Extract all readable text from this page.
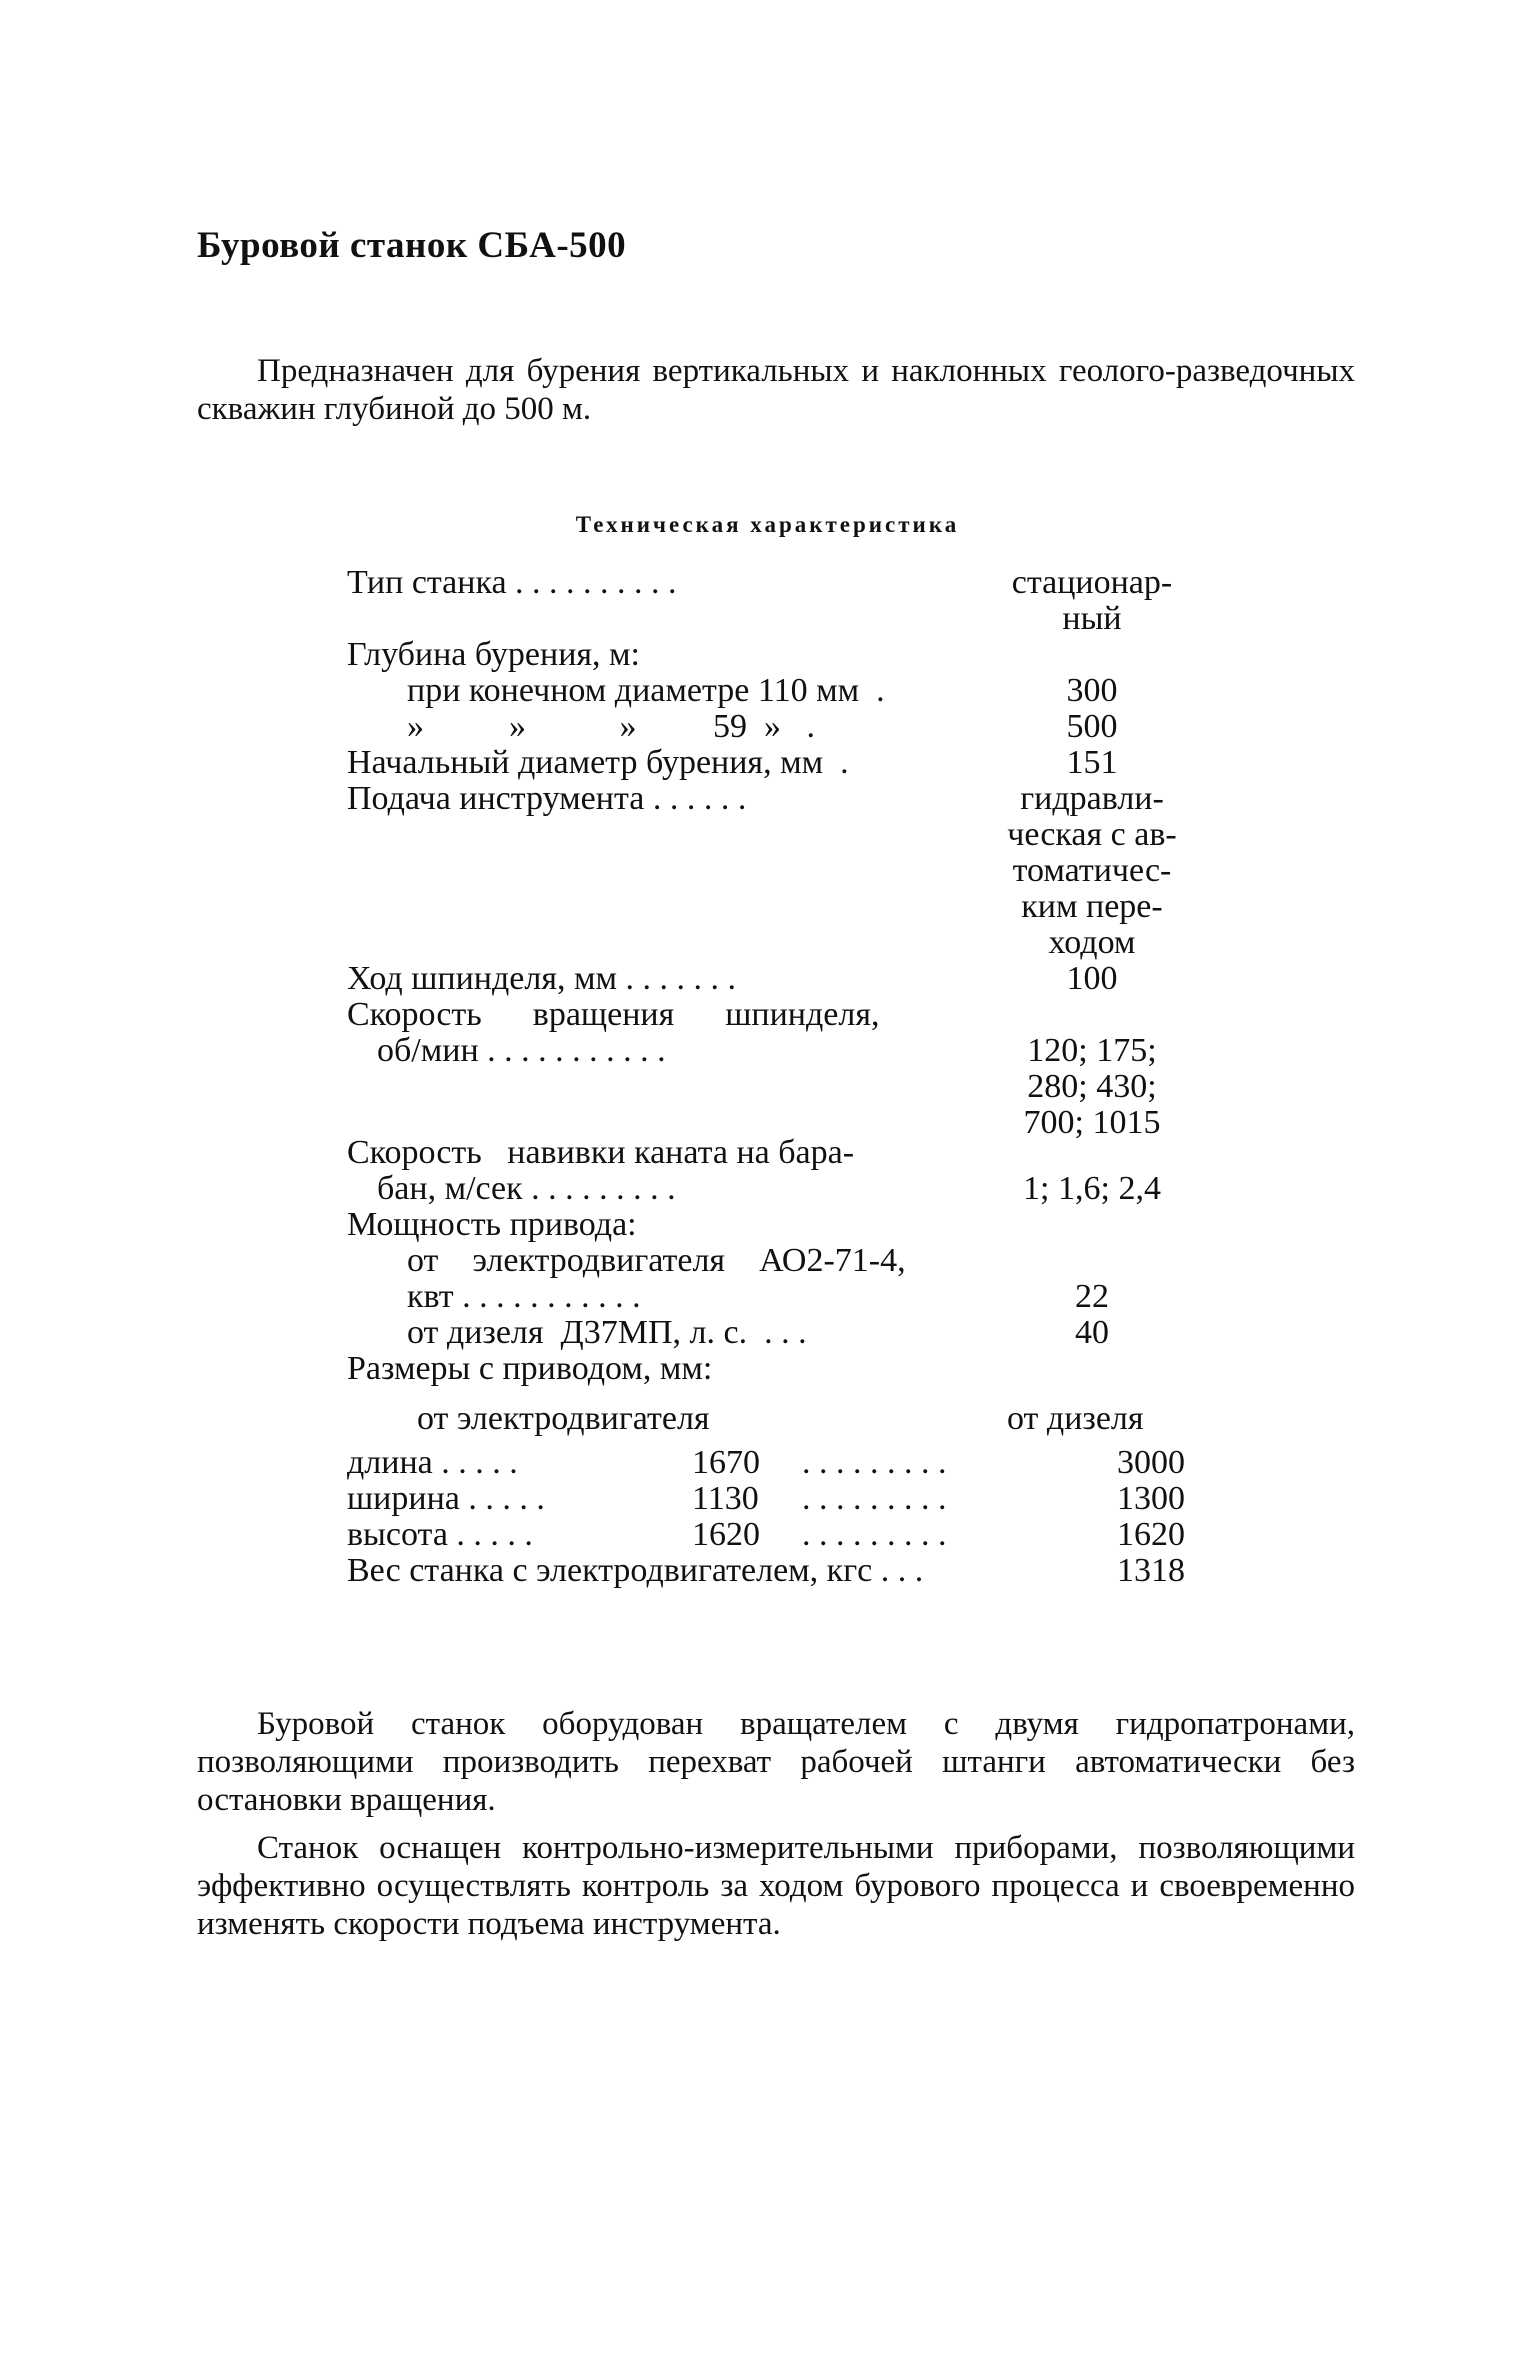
Буровой станок СБА-500

Предназначен для бурения вертикальных и наклонных геолого-разведочных скважин глубиной до 500 м.

Техническая характеристика
Тип станка . . . . . . . . . .	стационар-
ный
Глубина бурения, м:
при конечном диаметре 110 мм  .	300
»          »           »         59  »   .	500
Начальный диаметр бурения, мм  .	151
Подача инструмента . . . . . .	гидравли-
ческая с ав-
томатичес-
ким пере-
ходом
Ход шпинделя, мм . . . . . . .	100
Скорость      вращения      шпинделя,
об/мин . . . . . . . . . . .	120; 175;
280; 430;
700; 1015
Скорость   навивки каната на бара-
бан, м/сек . . . . . . . . .	1; 1,6; 2,4
Мощность привода:
от    электродвигателя    АО2-71-4,
квт . . . . . . . . . . .	22
от дизеля  Д37МП, л. с.  . . .	40
Размеры с приводом, мм:
от электродвигателя	от дизеля
длина . . . . .	1670 . . . . . . . . .	3000
ширина . . . . .	1130 . . . . . . . . .	1300
высота . . . . .	1620 . . . . . . . . .	1620
Вес станка с электродвигателем, кгс . . .	1318

Буровой станок оборудован вращателем с двумя гидропатронами, позволяющими производить перехват рабочей штанги автоматически без остановки вращения.

Станок оснащен контрольно-измерительными приборами, позволяющими эффективно осуществлять контроль за ходом бурового процесса и своевременно изменять скорости подъема инструмента.
